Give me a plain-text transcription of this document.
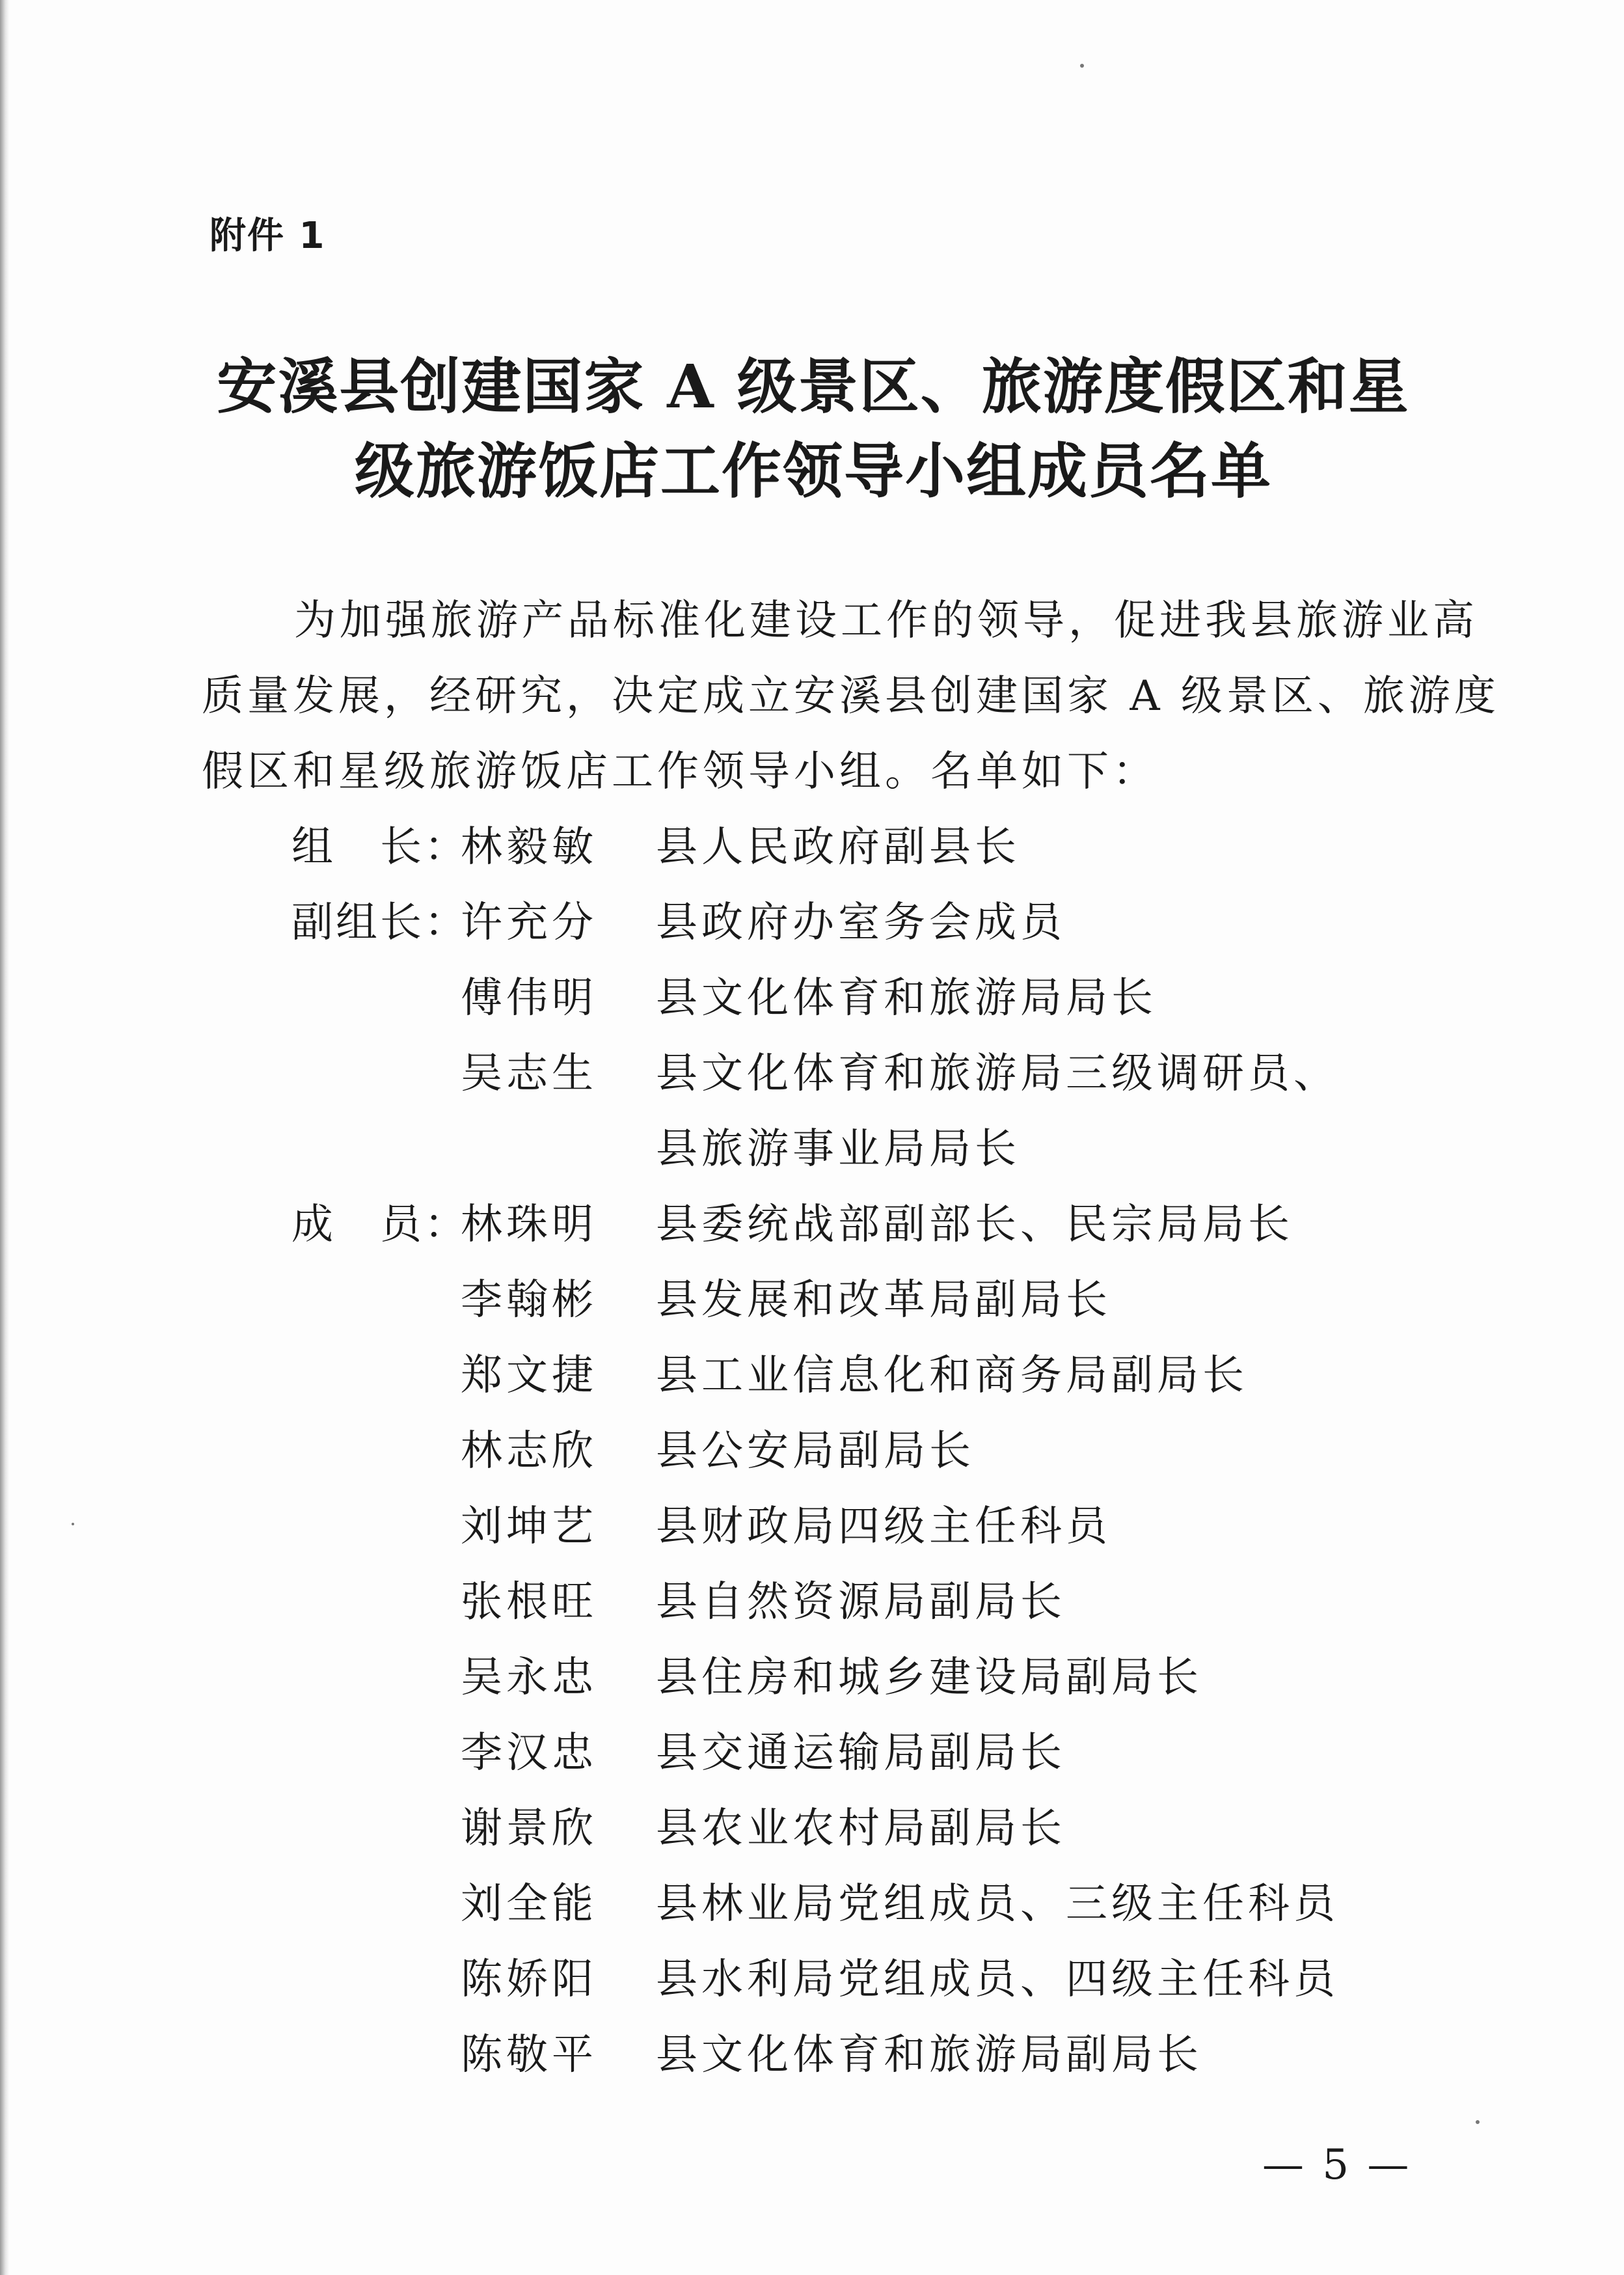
附件 1
安溪县创建国家 A 级景区、旅游度假区和星
级旅游饭店工作领导小组成员名单
为加强旅游产品标准化建设工作的领导，促进我县旅游业高
质量发展，经研究，决定成立安溪县创建国家 A 级景区、旅游度
假区和星级旅游饭店工作领导小组。名单如下：
组　长：
林毅敏 县人民政府副县长
副组长：
许充分 县政府办室务会成员
傅伟明 县文化体育和旅游局局长
吴志生 县文化体育和旅游局三级调研员、
县旅游事业局局长
成　员：
林珠明 县委统战部副部长、民宗局局长
李翰彬 县发展和改革局副局长
郑文捷 县工业信息化和商务局副局长
林志欣 县公安局副局长
刘坤艺 县财政局四级主任科员
张根旺 县自然资源局副局长
吴永忠 县住房和城乡建设局副局长
李汉忠 县交通运输局副局长
谢景欣 县农业农村局副局长
刘全能 县林业局党组成员、三级主任科员
陈娇阳 县水利局党组成员、四级主任科员
陈敬平 县文化体育和旅游局副局长
— 5 —
